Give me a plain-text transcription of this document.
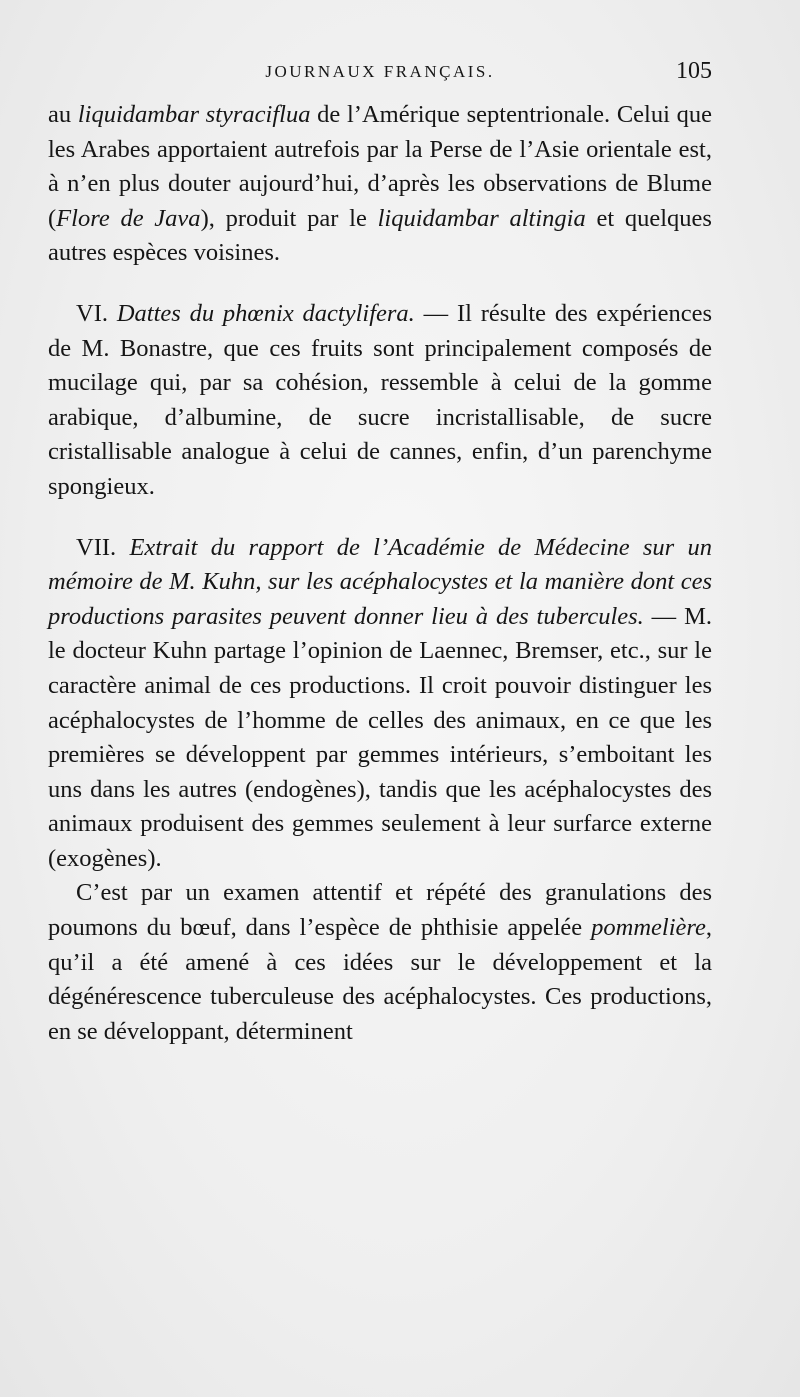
JOURNAUX FRANÇAIS.	105

au liquidambar styraciflua de l’Amérique septentrionale. Celui que les Arabes apportaient autrefois par la Perse de l’Asie orientale est, à n’en plus douter aujourd’hui, d’après les observations de Blume (Flore de Java), produit par le liquidambar altingia et quelques autres espèces voisines.

VI. Dattes du phœnix dactylifera. — Il résulte des expériences de M. Bonastre, que ces fruits sont principalement composés de mucilage qui, par sa cohésion, ressemble à celui de la gomme arabique, d’albumine, de sucre incristallisable, de sucre cristallisable analogue à celui de cannes, enfin, d’un parenchyme spongieux.

VII. Extrait du rapport de l’Académie de Médecine sur un mémoire de M. Kuhn, sur les acéphalocystes et la manière dont ces productions parasites peuvent donner lieu à des tubercules. — M. le docteur Kuhn partage l’opinion de Laennec, Bremser, etc., sur le caractère animal de ces productions. Il croit pouvoir distinguer les acéphalocystes de l’homme de celles des animaux, en ce que les premières se développent par gemmes intérieurs, s’emboitant les uns dans les autres (endogènes), tandis que les acéphalocystes des animaux produisent des gemmes seulement à leur surfarce externe (exogènes).

C’est par un examen attentif et répété des granulations des poumons du bœuf, dans l’espèce de phthisie appelée pommelière, qu’il a été amené à ces idées sur le développement et la dégénérescence tuberculeuse des acéphalocystes. Ces productions, en se développant, déterminent
